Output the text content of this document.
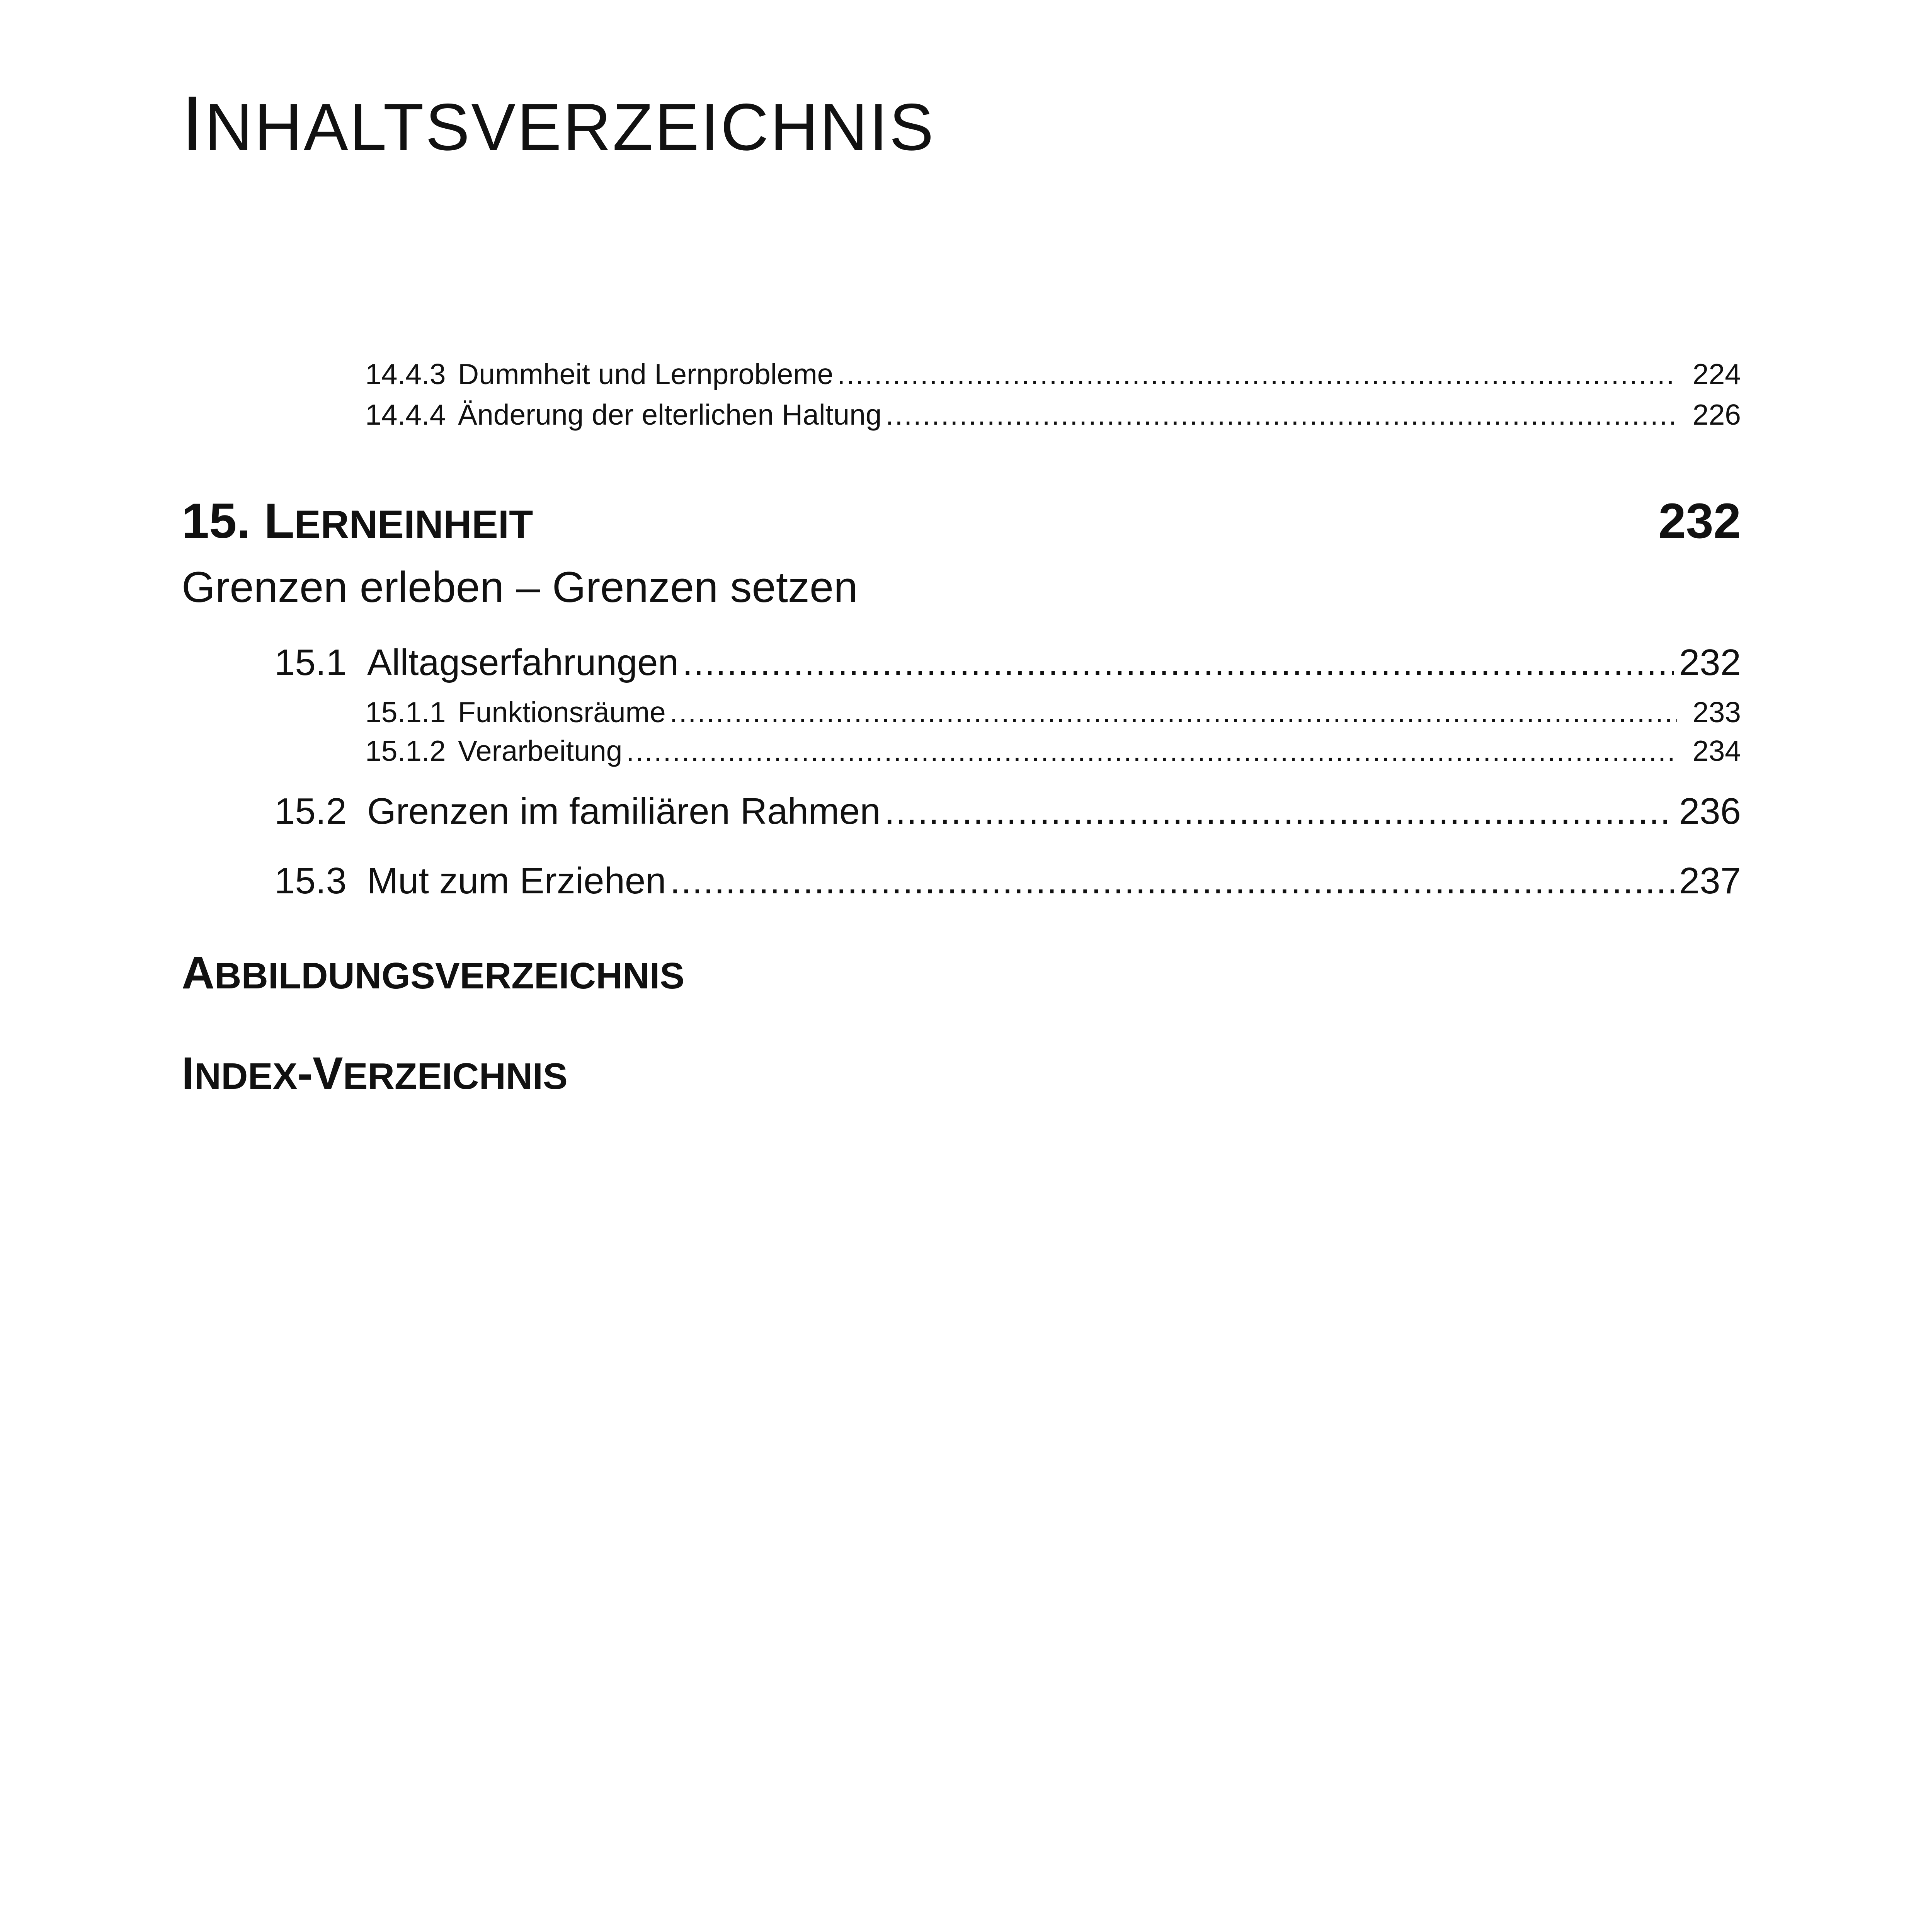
INHALTSVERZEICHNIS
14.4.3 Dummheit und Lernprobleme .....	224
14.4.4 Änderung der elterlichen Haltung .....	226
15. LERNEINHEIT	232
Grenzen erleben – Grenzen setzen
15.1 Alltagserfahrungen .....	232
15.1.1 Funktionsräume .....	233
15.1.2 Verarbeitung .....	234
15.2 Grenzen im familiären Rahmen .....	236
15.3 Mut zum Erziehen .....	237
ABBILDUNGSVERZEICHNIS
INDEX-VERZEICHNIS
